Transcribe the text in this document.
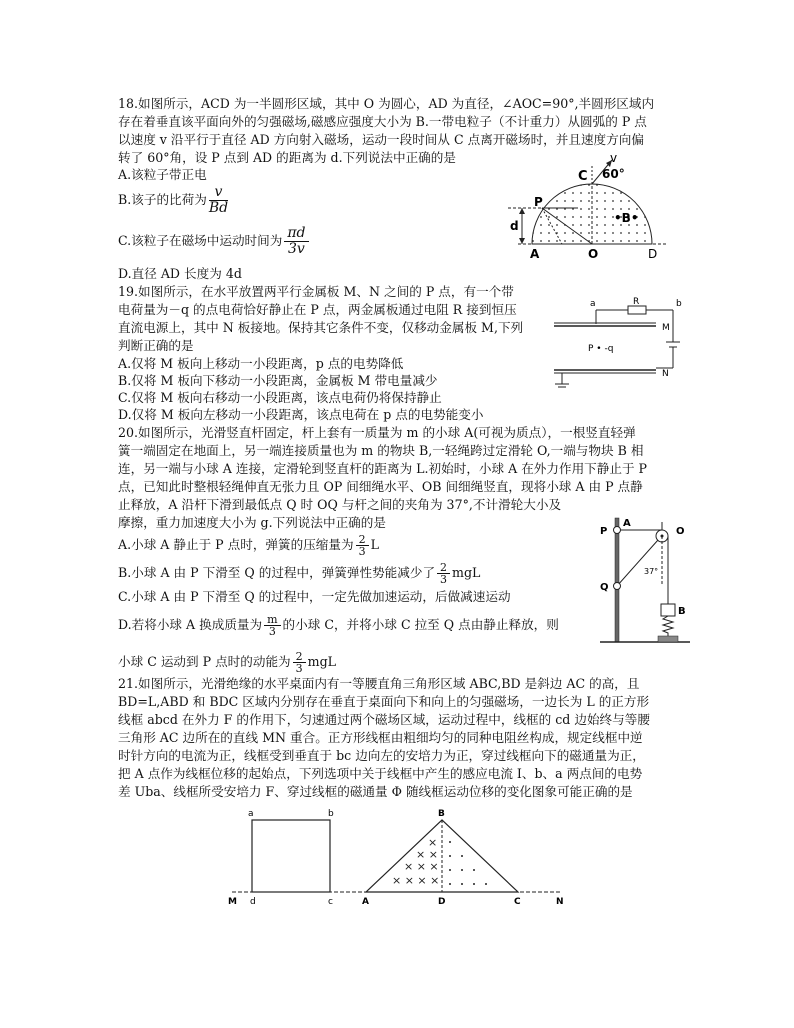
18.如图所示，ACD 为一半圆形区域，其中 O 为圆心，AD 为直径，∠AOC=90°,半圆形区域内
存在着垂直该平面向外的匀强磁场,磁感应强度大小为 B.一带电粒子（不计重力）从圆弧的 P 点
以速度 v 沿平行于直径 AD 方向射入磁场，运动一段时间从 C 点离开磁场时，并且速度方向偏
转了 60°角，设 P 点到 AD 的距离为 d.下列说法中正确的是
A.该粒子带正电
B.该子的比荷为 $\frac{v}{Bd}$
C.该粒子在磁场中运动时间为 $\frac{\pi d}{3v}$
D.直径 AD 长度为 4d
v
C 60°
P
•B•
d
A	O	D
19.如图所示，在水平放置两平行金属板 M、N 之间的 P 点，有一个带
电荷量为－q 的点电荷恰好静止在 P 点，两金属板通过电阻 R 接到恒压
直流电源上，其中 N 板接地。保持其它条件不变，仅移动金属板 M,下列
判断正确的是
A.仅将 M 板向上移动一小段距离，p 点的电势降低
B.仅将 M 板向下移动一小段距离，金属板 M 带电量减少
C.仅将 M 板向右移动一小段距离，该点电荷仍将保持静止
D.仅将 M 板向左移动一小段距离，该点电荷在 p 点的电势能变小
a	R	b
M
P • -q
N
20.如图所示，光滑竖直杆固定，杆上套有一质量为 m 的小球 A(可视为质点），一根竖直轻弹
簧一端固定在地面上，另一端连接质量也为 m 的物块 B,一轻绳跨过定滑轮 O,一端与物块 B 相
连，另一端与小球 A 连接，定滑轮到竖直杆的距离为 L.初始时，小球 A 在外力作用下静止于 P
点，已知此时整根轻绳伸直无张力且 OP 间细绳水平、OB 间细绳竖直，现将小球 A 由 P 点静
止释放，A 沿杆下滑到最低点 Q 时 OQ 与杆之间的夹角为 37°,不计滑轮大小及
摩擦，重力加速度大小为 g.下列说法中正确的是
A.小球 A 静止于 P 点时，弹簧的压缩量为 $\frac{2}{3}$ L
B.小球 A 由 P 下滑至 Q 的过程中，弹簧弹性势能减少了 $\frac{2}{3}$ mgL
C.小球 A 由 P 下滑至 Q 的过程中，一定先做加速运动，后做减速运动
D.若将小球 A 换成质量为 $\frac{m}{3}$ 的小球 C，并将小球 C 拉至 Q 点由静止释放，则
小球 C 运动到 P 点时的动能为 $\frac{2}{3}$ mgL
P
A
O
37°
Q
B
21.如图所示，光滑绝缘的水平桌面内有一等腰直角三角形区域 ABC,BD 是斜边 AC 的高，且
BD=L,ABD 和 BDC 区域内分别存在垂直于桌面向下和向上的匀强磁场，一边长为 L 的正方形
线框 abcd 在外力 F 的作用下，匀速通过两个磁场区域，运动过程中，线框的 cd 边始终与等腰
三角形 AC 边所在的直线 MN 重合。正方形线框由粗细均匀的同种电阻丝构成，规定线框中逆
时针方向的电流为正，线框受到垂直于 bc 边向左的安培力为正，穿过线框向下的磁通量为正，
把 A 点作为线框位移的起始点，下列选项中关于线框中产生的感应电流 I、b、a 两点间的电势
差 Uba、线框所受安培力 F、穿过线框的磁通量 Φ 随线框运动位移的变化图象可能正确的是
×
× ×
× × ×
× × × ×
a	b
M d	c	A	D	C	N
B
